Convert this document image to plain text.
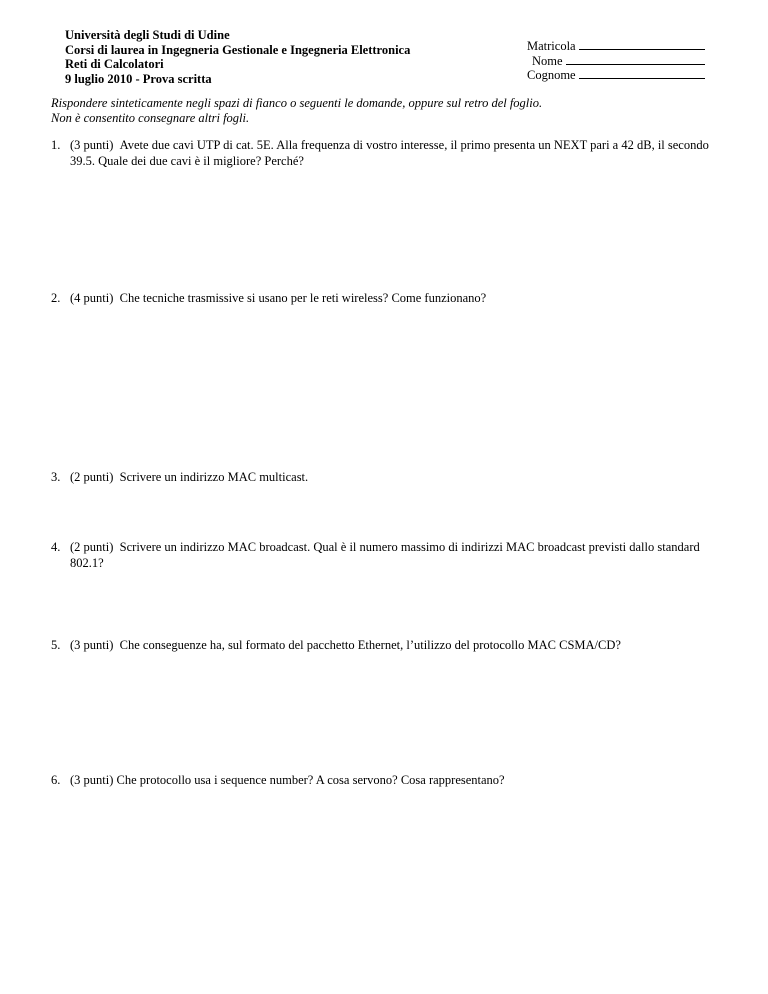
Università degli Studi di Udine
Corsi di laurea in Ingegneria Gestionale e Ingegneria Elettronica
Reti di Calcolatori
9 luglio 2010 - Prova scritta
Matricola
Nome
Cognome
Rispondere sinteticamente negli spazi di fianco o seguenti le domande, oppure sul retro del foglio.
Non è consentito consegnare altri fogli.
1. (3 punti) Avete due cavi UTP di cat. 5E. Alla frequenza di vostro interesse, il primo presenta un NEXT pari a 42 dB, il secondo 39.5. Quale dei due cavi è il migliore? Perché?
2. (4 punti) Che tecniche trasmissive si usano per le reti wireless? Come funzionano?
3. (2 punti) Scrivere un indirizzo MAC multicast.
4. (2 punti) Scrivere un indirizzo MAC broadcast. Qual è il numero massimo di indirizzi MAC broadcast previsti dallo standard 802.1?
5. (3 punti) Che conseguenze ha, sul formato del pacchetto Ethernet, l’utilizzo del protocollo MAC CSMA/CD?
6. (3 punti) Che protocollo usa i sequence number? A cosa servono? Cosa rappresentano?
